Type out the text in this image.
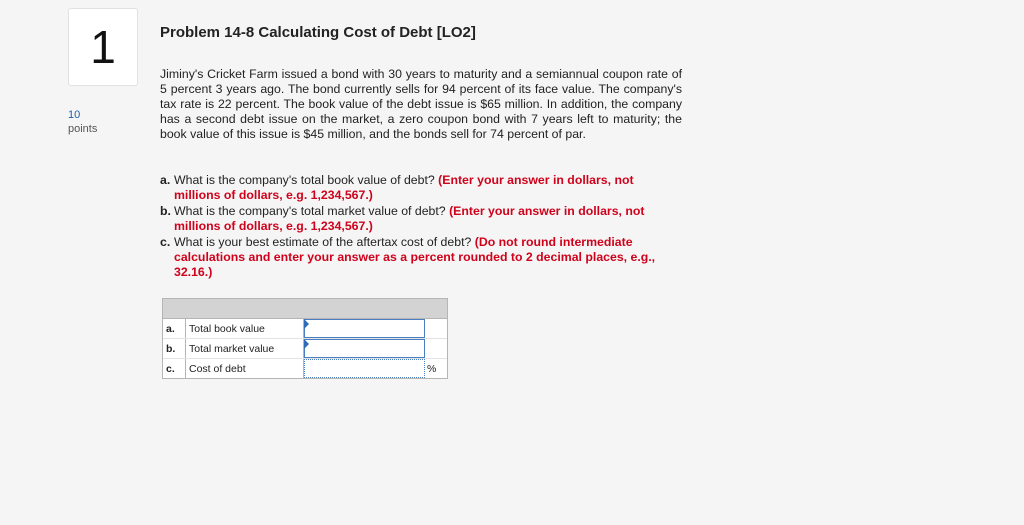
1
10
points
Problem 14-8 Calculating Cost of Debt [LO2]
Jiminy's Cricket Farm issued a bond with 30 years to maturity and a semiannual coupon rate of 5 percent 3 years ago. The bond currently sells for 94 percent of its face value. The company's tax rate is 22 percent. The book value of the debt issue is $65 million. In addition, the company has a second debt issue on the market, a zero coupon bond with 7 years left to maturity; the book value of this issue is $45 million, and the bonds sell for 74 percent of par.
a. What is the company's total book value of debt? (Enter your answer in dollars, not millions of dollars, e.g. 1,234,567.)
b. What is the company's total market value of debt? (Enter your answer in dollars, not millions of dollars, e.g. 1,234,567.)
c. What is your best estimate of the aftertax cost of debt? (Do not round intermediate calculations and enter your answer as a percent rounded to 2 decimal places, e.g., 32.16.)
a.	Total book value
b.	Total market value
c.	Cost of debt	%
